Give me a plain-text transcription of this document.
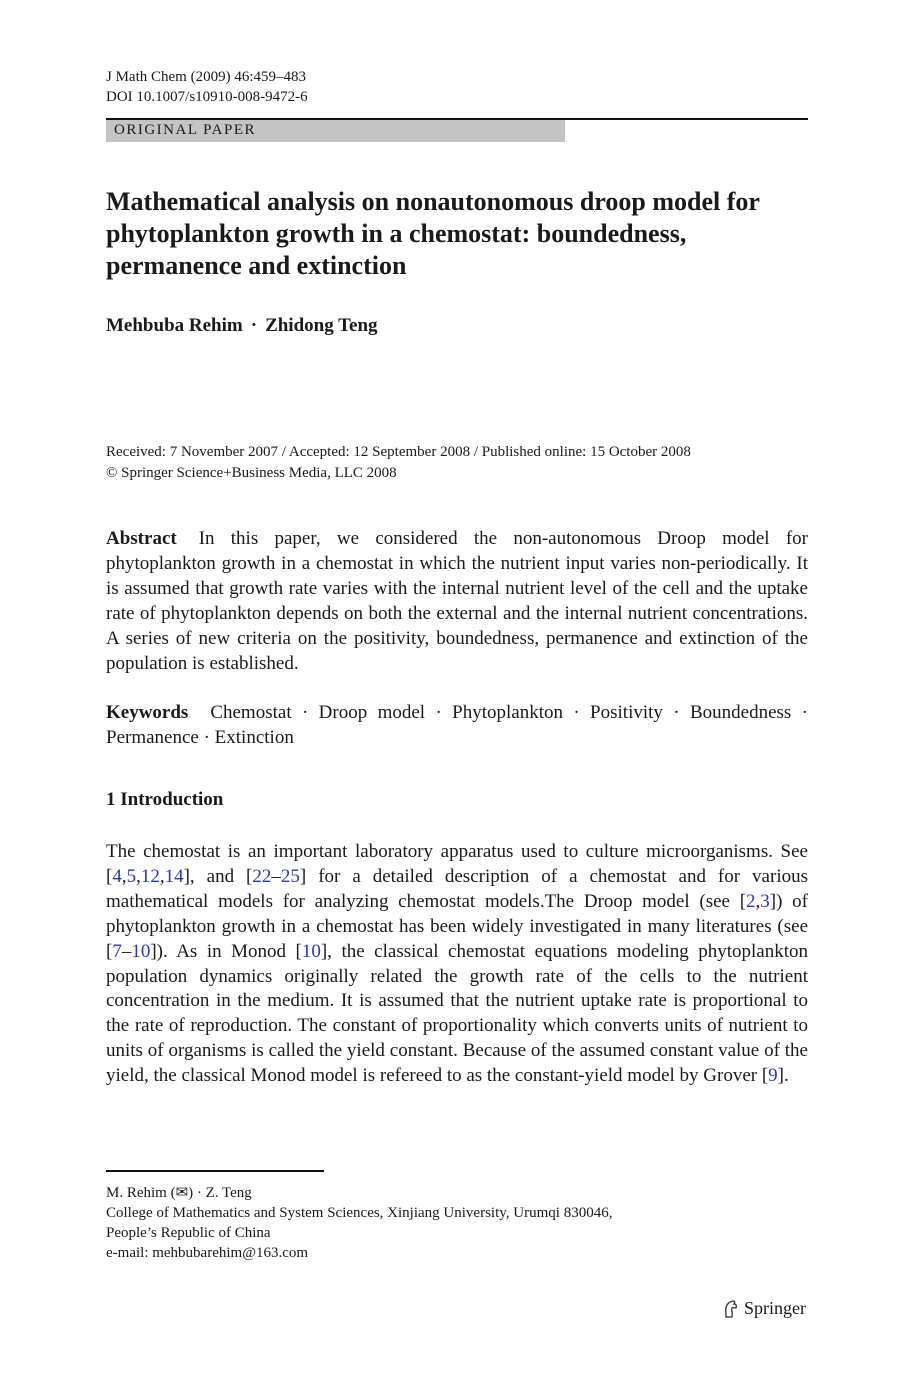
J Math Chem (2009) 46:459–483
DOI 10.1007/s10910-008-9472-6
ORIGINAL PAPER
Mathematical analysis on nonautonomous droop model for phytoplankton growth in a chemostat: boundedness, permanence and extinction
Mehbuba Rehim · Zhidong Teng
Received: 7 November 2007 / Accepted: 12 September 2008 / Published online: 15 October 2008
© Springer Science+Business Media, LLC 2008
Abstract In this paper, we considered the non-autonomous Droop model for phytoplankton growth in a chemostat in which the nutrient input varies non-periodically. It is assumed that growth rate varies with the internal nutrient level of the cell and the uptake rate of phytoplankton depends on both the external and the internal nutrient concentrations. A series of new criteria on the positivity, boundedness, permanence and extinction of the population is established.
Keywords Chemostat · Droop model · Phytoplankton · Positivity · Boundedness · Permanence · Extinction
1 Introduction
The chemostat is an important laboratory apparatus used to culture microorganisms. See [4,5,12,14], and [22–25] for a detailed description of a chemostat and for various mathematical models for analyzing chemostat models.The Droop model (see [2,3]) of phytoplankton growth in a chemostat has been widely investigated in many literatures (see [7–10]). As in Monod [10], the classical chemostat equations modeling phytoplankton population dynamics originally related the growth rate of the cells to the nutrient concentration in the medium. It is assumed that the nutrient uptake rate is proportional to the rate of reproduction. The constant of proportionality which converts units of nutrient to units of organisms is called the yield constant. Because of the assumed constant value of the yield, the classical Monod model is refereed to as the constant-yield model by Grover [9].
M. Rehim (✉) · Z. Teng
College of Mathematics and System Sciences, Xinjiang University, Urumqi 830046,
People’s Republic of China
e-mail: mehbubarehim@163.com
Springer
